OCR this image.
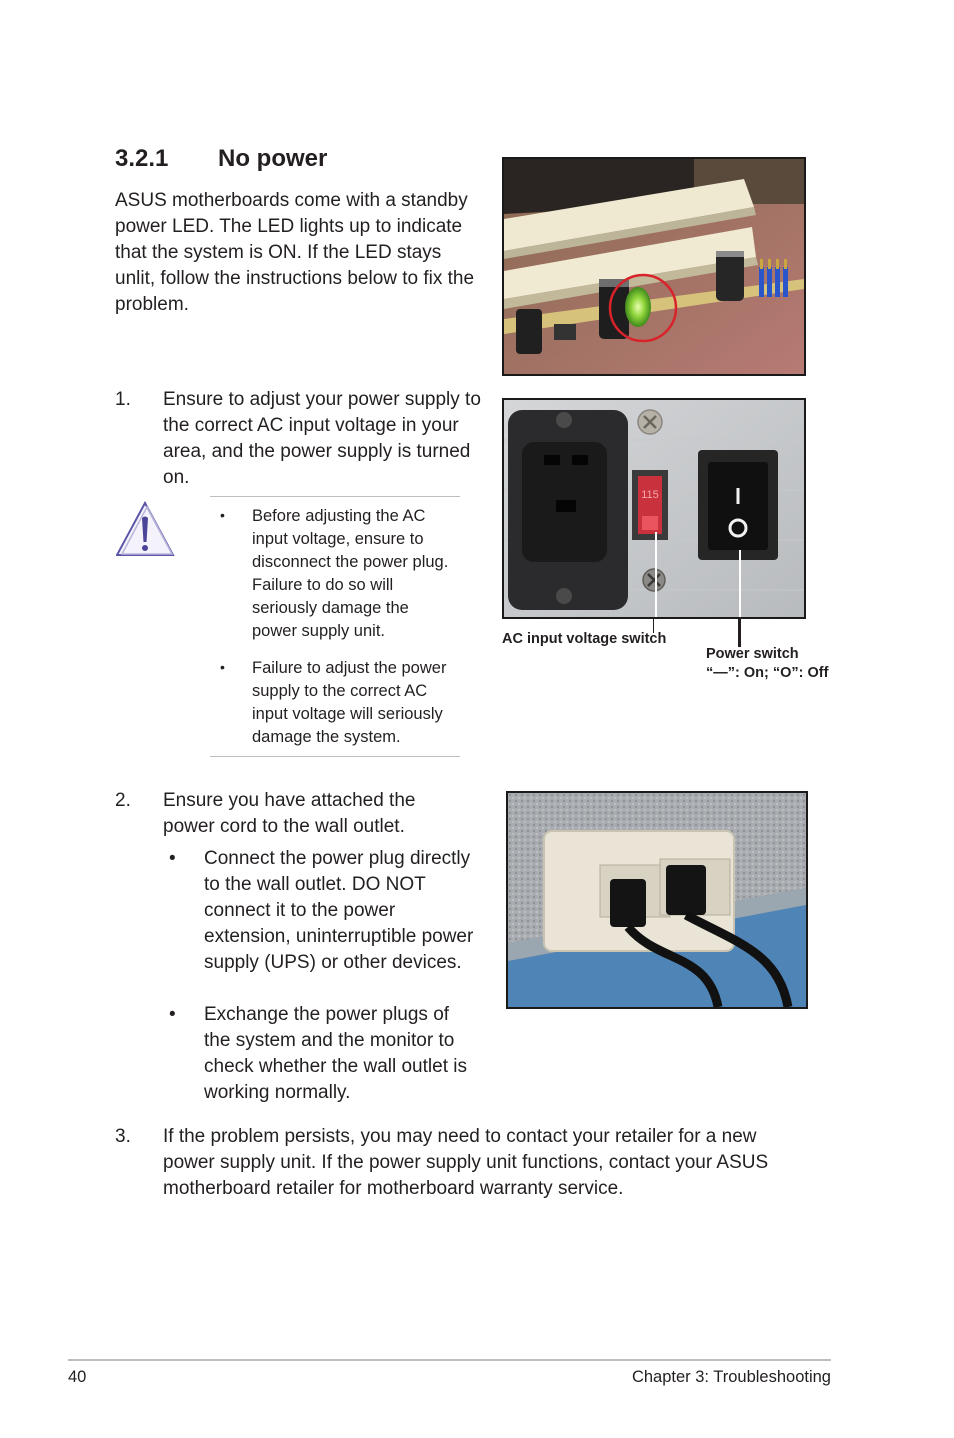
3.2.1 No power
ASUS motherboards come with a standby power LED. The LED lights up to indicate that the system is ON. If the LED stays unlit, follow the instructions below to fix the problem.
1. Ensure to adjust your power supply to the correct AC input voltage in your area, and the power supply is turned on.
• Before adjusting the AC input voltage, ensure to disconnect the power plug. Failure to do so will seriously damage the power supply unit.
• Failure to adjust the power supply to the correct AC input voltage will seriously damage the system.
115
AC input voltage switch
Power switch
“—”: On; “O”: Off
2. Ensure you have attached the power cord to the wall outlet.
• Connect the power plug directly to the wall outlet. DO NOT connect it to the power extension, uninterruptible power supply (UPS) or other devices.
• Exchange the power plugs of the system and the monitor to check whether the wall outlet is working normally.
3. If the problem persists, you may need to contact your retailer for a new power supply unit. If the power supply unit functions, contact your ASUS motherboard retailer for motherboard warranty service.
40	Chapter 3: Troubleshooting
